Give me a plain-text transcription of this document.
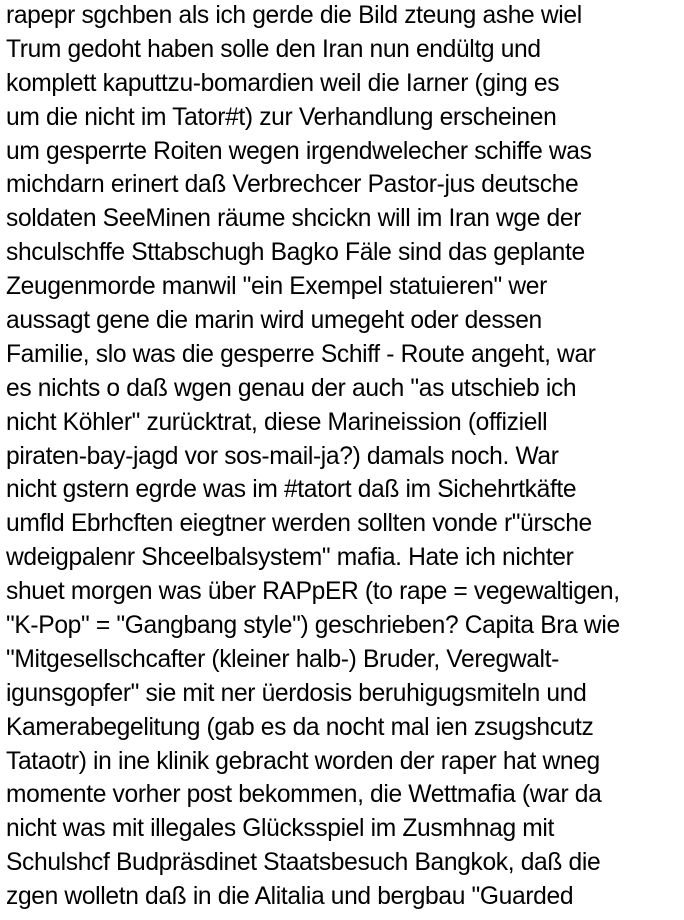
rapepr sgchben als ich gerde die Bild zteung ashe wiel
Trum gedoht haben solle den Iran nun endültg und
komplett kaputtzu-bomardien weil die Iarner (ging es
um die nicht im Tator#t) zur Verhandlung erscheinen
um gesperrte Roiten wegen irgendwelecher schiffe was
michdarn erinert daß Verbrechcer Pastor-jus deutsche
soldaten SeeMinen räume shcickn will im Iran wge der
shculschffe Sttabschugh Bagko Fäle sind das geplante
Zeugenmorde manwil "ein Exempel statuieren" wer
aussagt gene die marin wird umegeht oder dessen
Familie, slo was die gesperre Schiff - Route angeht, war
es nichts o daß wgen genau der auch "as utschieb ich
nicht Köhler" zurücktrat, diese Marineission (offiziell
piraten-bay-jagd vor sos-mail-ja?) damals noch. War
nicht gstern egrde was im #tatort daß im Sichehrtkäfte
umfld Ebrhcften eiegtner werden sollten vonde r"ürsche
wdeigpalenr Shceelbalsystem" mafia. Hate ich nichter
shuet morgen was über RAPpER (to rape = vegewaltigen,
"K-Pop" = "Gangbang style") geschrieben? Capita Bra wie
"Mitgesellschcafter (kleiner halb-) Bruder, Veregwalt-
igunsgopfer" sie mit ner üerdosis beruhigugsmiteln und
Kamerabegelitung (gab es da nocht mal ien zsugshcutz
Tataotr) in ine klinik gebracht worden der raper hat wneg
momente vorher post bekommen, die Wettmafia (war da
nicht was mit illegales Glücksspiel im Zusmhnag mit
Schulshcf Budpräsdinet Staatsbesuch Bangkok, daß die
zgen wolletn daß in die Alitalia und bergbau "Guarded
